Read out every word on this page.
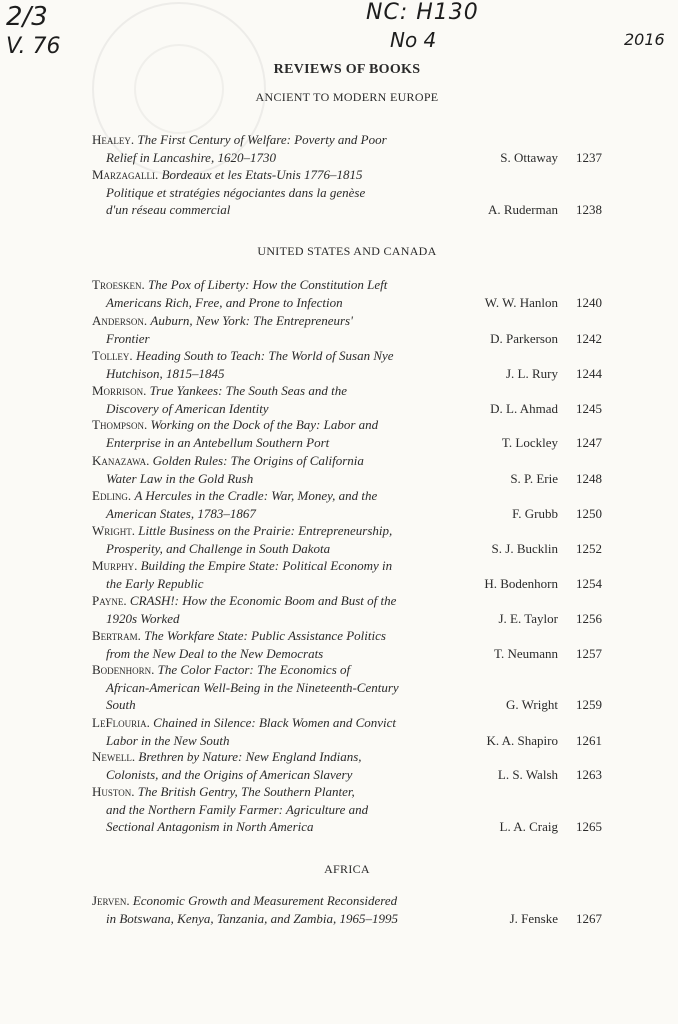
2/3
V. 76
NC: H130
No 4	2016
REVIEWS OF BOOKS
ANCIENT TO MODERN EUROPE
Healey. The First Century of Welfare: Poverty and Poor
Relief in Lancashire, 1620–1730	S. Ottaway 1237
Marzagalli. Bordeaux et les Etats-Unis 1776–1815
Politique et stratégies négociantes dans la genèse
d'un réseau commercial	A. Ruderman 1238
UNITED STATES AND CANADA
Troesken. The Pox of Liberty: How the Constitution Left
Americans Rich, Free, and Prone to Infection	W. W. Hanlon 1240
Anderson. Auburn, New York: The Entrepreneurs'
Frontier	D. Parkerson 1242
Tolley. Heading South to Teach: The World of Susan Nye
Hutchison, 1815–1845	J. L. Rury 1244
Morrison. True Yankees: The South Seas and the
Discovery of American Identity	D. L. Ahmad 1245
Thompson. Working on the Dock of the Bay: Labor and
Enterprise in an Antebellum Southern Port	T. Lockley 1247
Kanazawa. Golden Rules: The Origins of California
Water Law in the Gold Rush	S. P. Erie 1248
Edling. A Hercules in the Cradle: War, Money, and the
American States, 1783–1867	F. Grubb 1250
Wright. Little Business on the Prairie: Entrepreneurship,
Prosperity, and Challenge in South Dakota	S. J. Bucklin 1252
Murphy. Building the Empire State: Political Economy in
the Early Republic	H. Bodenhorn 1254
Payne. CRASH!: How the Economic Boom and Bust of the
1920s Worked	J. E. Taylor 1256
Bertram. The Workfare State: Public Assistance Politics
from the New Deal to the New Democrats	T. Neumann 1257
Bodenhorn. The Color Factor: The Economics of
African-American Well-Being in the Nineteenth-Century
South	G. Wright 1259
LeFlouria. Chained in Silence: Black Women and Convict
Labor in the New South	K. A. Shapiro 1261
Newell. Brethren by Nature: New England Indians,
Colonists, and the Origins of American Slavery	L. S. Walsh 1263
Huston. The British Gentry, The Southern Planter,
and the Northern Family Farmer: Agriculture and
Sectional Antagonism in North America	L. A. Craig 1265
AFRICA
Jerven. Economic Growth and Measurement Reconsidered
in Botswana, Kenya, Tanzania, and Zambia, 1965–1995	J. Fenske 1267
